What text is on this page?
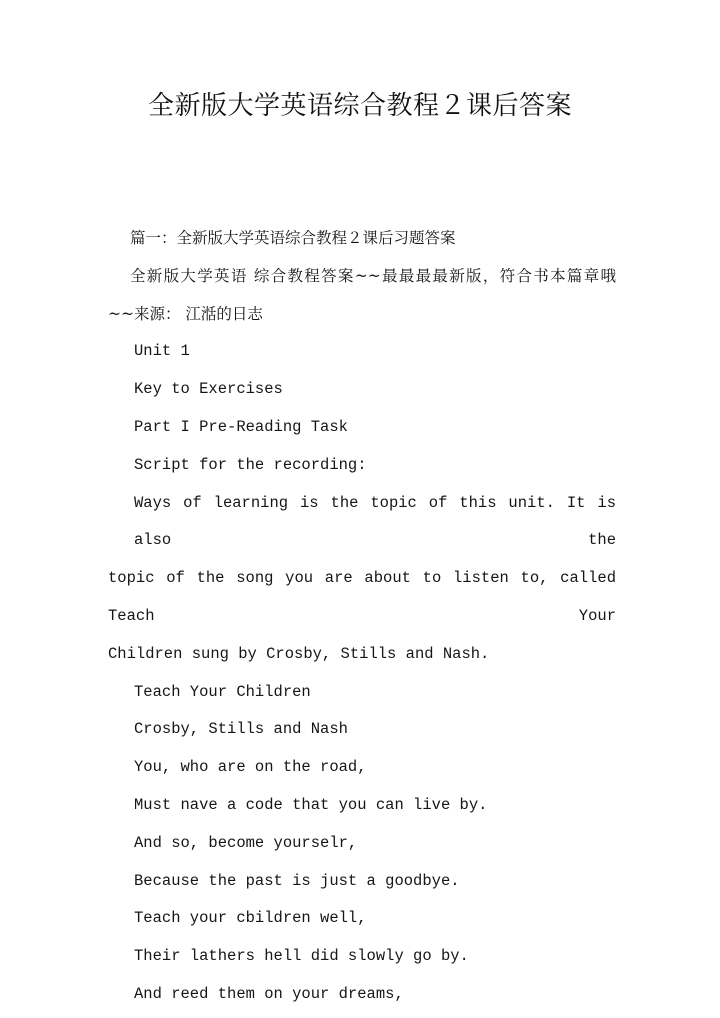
全新版大学英语综合教程２课后答案
篇一：全新版大学英语综合教程２课后习题答案
全新版大学英语 综合教程答案~~最最最最新版，符合书本篇章哦
~~来源： 江湉的日志
Unit 1
Key to Exercises
Part I Pre-Reading Task
Script for the recording:
Ways of learning is the topic of this unit. It is also the
topic of the song you are about to listen to, called Teach Your
Children sung by Crosby, Stills and Nash.
Teach Your Children
Crosby, Stills and Nash
You, who are on the road,
Must nave a code that you can live by.
And so, become yourselr,
Because the past is just a goodbye.
Teach your cbildren well,
Their lathers hell did slowly go by.
And reed them on your dreams,
